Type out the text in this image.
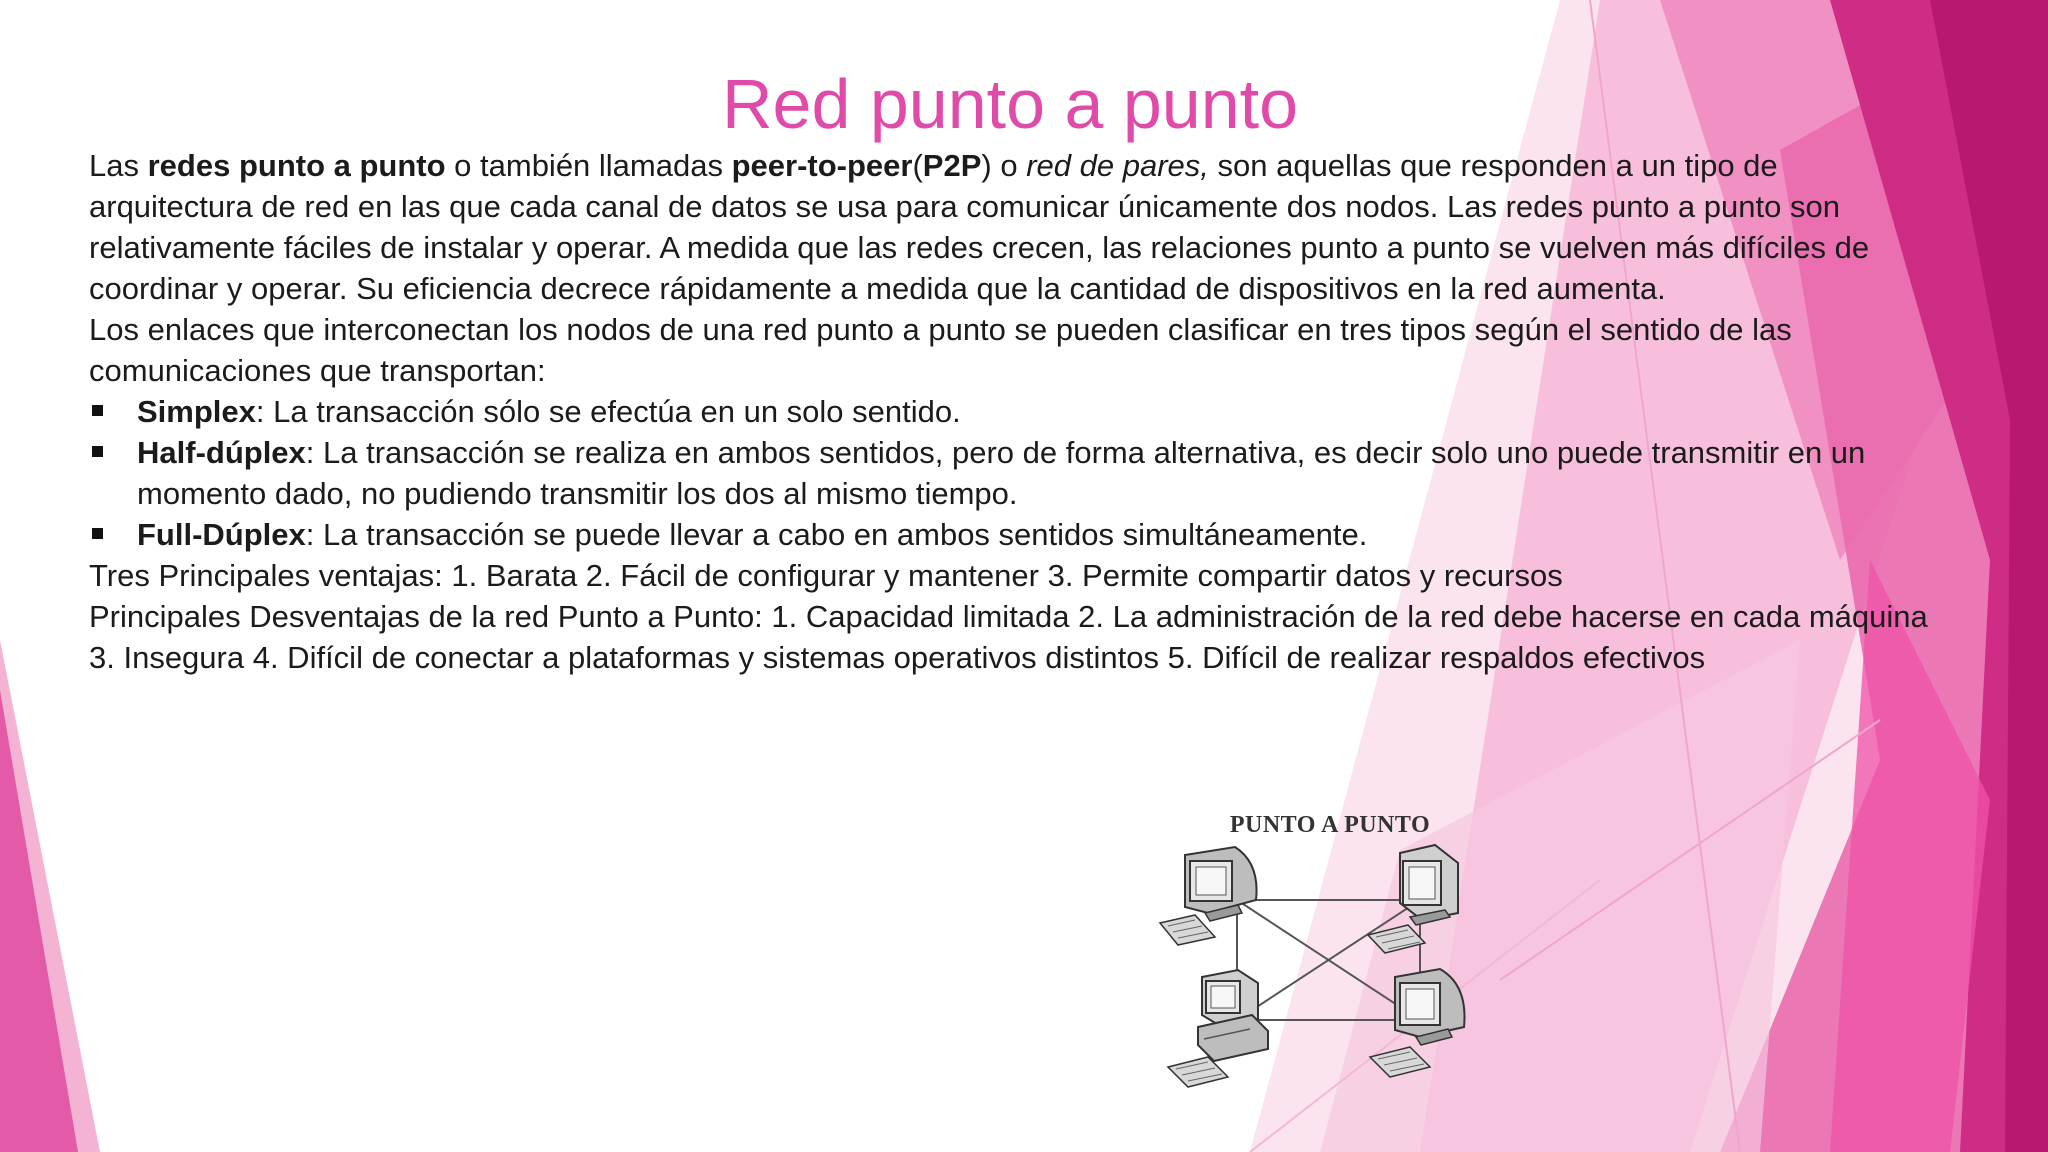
Red punto a punto

Las redes punto a punto o también llamadas peer-to-peer(P2P) o red de pares, son aquellas que responden a un tipo de arquitectura de red en las que cada canal de datos se usa para comunicar únicamente dos nodos. Las redes punto a punto son relativamente fáciles de instalar y operar. A medida que las redes crecen, las relaciones punto a punto se vuelven más difíciles de coordinar y operar. Su eficiencia decrece rápidamente a medida que la cantidad de dispositivos en la red aumenta.

Los enlaces que interconectan los nodos de una red punto a punto se pueden clasificar en tres tipos según el sentido de las comunicaciones que transportan:

Simplex: La transacción sólo se efectúa en un solo sentido.
Half-dúplex: La transacción se realiza en ambos sentidos, pero de forma alternativa, es decir solo uno puede transmitir en un momento dado, no pudiendo transmitir los dos al mismo tiempo.
Full-Dúplex: La transacción se puede llevar a cabo en ambos sentidos simultáneamente.

Tres Principales ventajas: 1. Barata 2. Fácil de configurar y mantener 3. Permite compartir datos y recursos

Principales Desventajas de la red Punto a Punto: 1. Capacidad limitada 2. La administración de la red debe hacerse en cada máquina 3. Insegura 4. Difícil de conectar a plataformas y sistemas operativos distintos 5. Difícil de realizar respaldos efectivos

PUNTO A PUNTO
